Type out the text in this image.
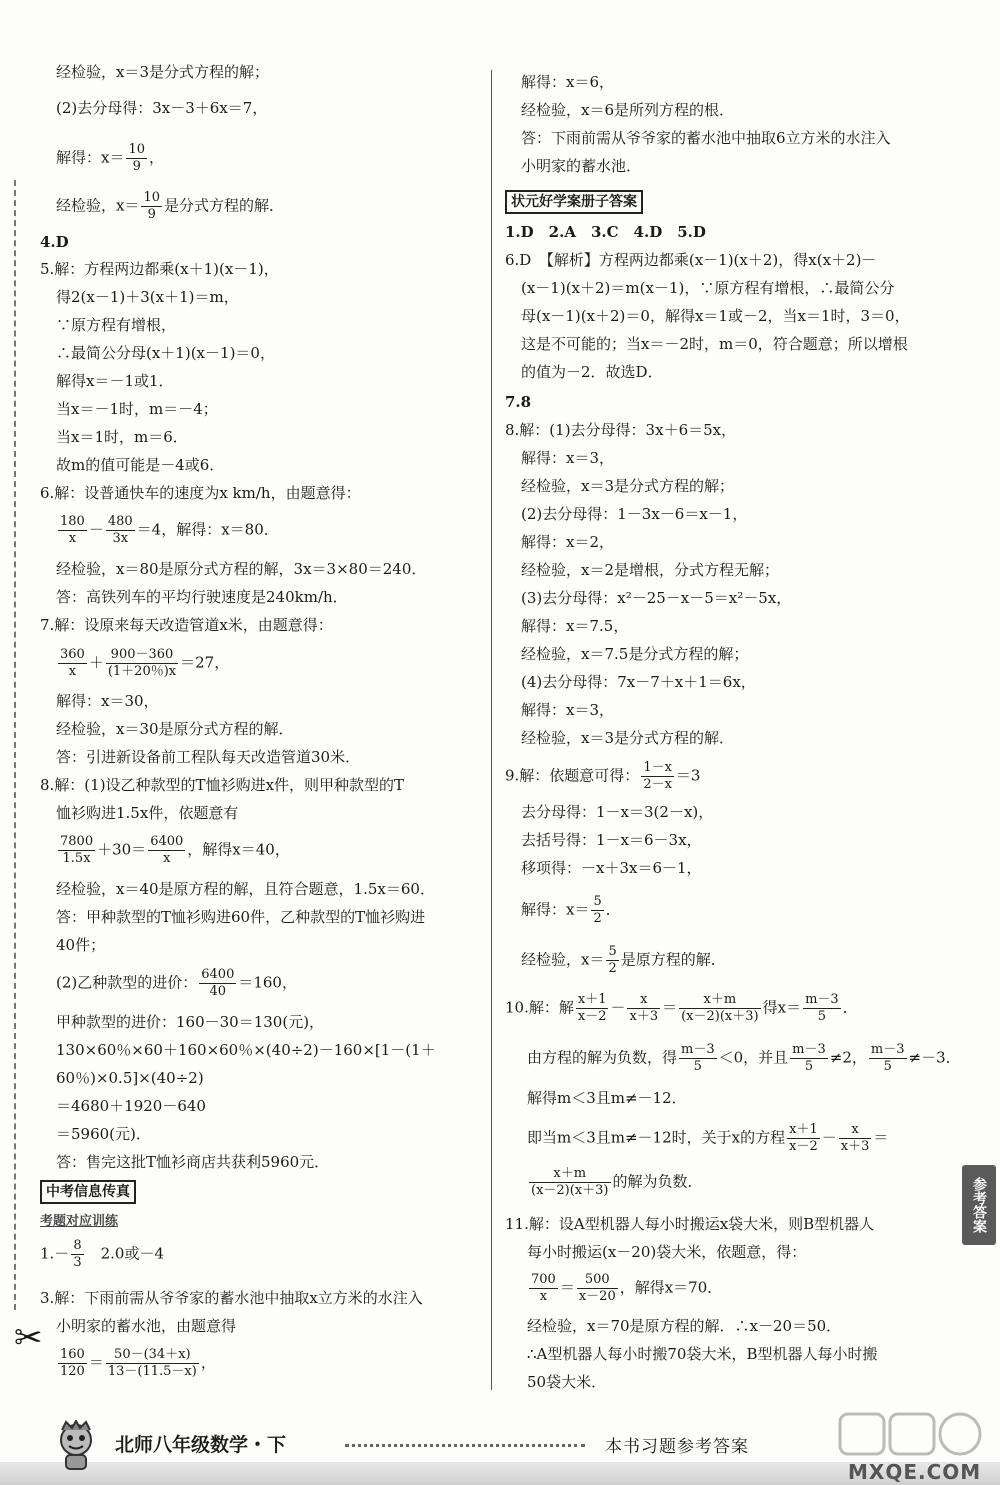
✂
经检验，x＝3是分式方程的解；
(2)去分母得：3x－3＋6x＝7，
解得：$x= \frac{10}{9}$ ，
经检验，$x= \frac{10}{9}$ 是分式方程的解．
4.D
5.解：方程两边都乘(x＋1)(x－1)，
得2(x－1)＋3(x＋1)＝m，
∵原方程有增根，
∴最简公分母(x＋1)(x－1)＝0，
解得x＝－1或1．
当x＝－1时，m＝－4；
当x＝1时，m＝6．
故m的值可能是－4或6．
6.解：设普通快车的速度为x km/h，由题意得：
$\frac{180}{x} - \frac{480}{3x} =4$，解得：x＝80．
经检验，x＝80是原分式方程的解，3x＝3×80＝240．
答：高铁列车的平均行驶速度是240km/h．
7.解：设原来每天改造管道x米，由题意得：
$\frac{360}{x} + \frac{900-360}{(1+20\%)x} =27$，
解得：x＝30，
经检验，x＝30是原分式方程的解．
答：引进新设备前工程队每天改造管道30米．
8.解：(1)设乙种款型的T恤衫购进x件，则甲种款型的T
恤衫购进1.5x件，依题意有
$\frac{7800}{1.5x} +30= \frac{6400}{x}$ ，解得x＝40，
经检验，x＝40是原方程的解，且符合题意，1.5x＝60．
答：甲种款型的T恤衫购进60件，乙种款型的T恤衫购进
40件；
(2)乙种款型的进价： $\frac{6400}{40} =160$，
甲种款型的进价：160－30＝130(元)，
130×60％×60＋160×60％×(40÷2)－160×[1－(1＋
60％)×0.5]×(40÷2)
＝4680＋1920－640
＝5960(元)．
答：售完这批T恤衫商店共获利5960元．
中考信息传真
考题对应训练
$1.- \frac{8}{3}$ 　2.0或－4
3.解：下雨前需从爷爷家的蓄水池中抽取x立方米的水注入
小明家的蓄水池，由题意得
$\frac{160}{120} = \frac{50-(34+x)}{13-(11.5-x)}$ ，
解得：x＝6，
经检验，x＝6是所列方程的根．
答：下雨前需从爷爷家的蓄水池中抽取6立方米的水注入
小明家的蓄水池．
状元好学案册子答案
1.D　2.A　3.C　4.D　5.D
6.D　【解析】方程两边都乘(x－1)(x＋2)，得x(x＋2)－
(x－1)(x＋2)＝m(x－1)，∵原方程有增根，∴最简公分
母(x－1)(x＋2)＝0，解得x＝1或－2，当x＝1时，3＝0，
这是不可能的；当x＝－2时，m＝0，符合题意；所以增根
的值为－2．故选D．
7.8
8.解：(1)去分母得：3x＋6＝5x，
解得：x＝3，
经检验，x＝3是分式方程的解；
(2)去分母得：1－3x－6＝x－1，
解得：x＝2，
经检验，x＝2是增根，分式方程无解；
(3)去分母得：x²－25－x－5＝x²－5x，
解得：x＝7.5，
经检验，x＝7.5是分式方程的解；
(4)去分母得：7x－7＋x＋1＝6x，
解得：x＝3，
经检验，x＝3是分式方程的解．
9.解：依题意可得： $\frac{1-x}{2-x} =3$
去分母得：1－x＝3(2－x)，
去括号得：1－x＝6－3x，
移项得：－x＋3x＝6－1，
解得：$x= \frac{5}{2}$ ．
经检验，$x= \frac{5}{2}$ 是原方程的解．
10.解：解 $\frac{x+1}{x-2} - \frac{x}{x+3} = \frac{x+m}{(x-2)(x+3)}$ 得$x= \frac{m-3}{5}$ ．
由方程的解为负数，得 $\frac{m-3}{5} <0$，并且 $\frac{m-3}{5} \ne 2$， $\frac{m-3}{5} \ne-3$．
解得m＜3且m≠－12．
即当m＜3且m≠－12时，关于x的方程 $\frac{x+1}{x-2} - \frac{x}{x+3}$ ＝
$\frac{x+m}{(x-2)(x+3)}$ 的解为负数．
11.解：设A型机器人每小时搬运x袋大米，则B型机器人
每小时搬运(x－20)袋大米，依题意，得：
$\frac{700}{x} = \frac{500}{x-20}$ ，解得x＝70．
经检验，x＝70是原方程的解．∴x－20＝50．
∴A型机器人每小时搬70袋大米，B型机器人每小时搬
50袋大米．
参考答案
北师八年级数学・下	本书习题参考答案
MXQE.COM
